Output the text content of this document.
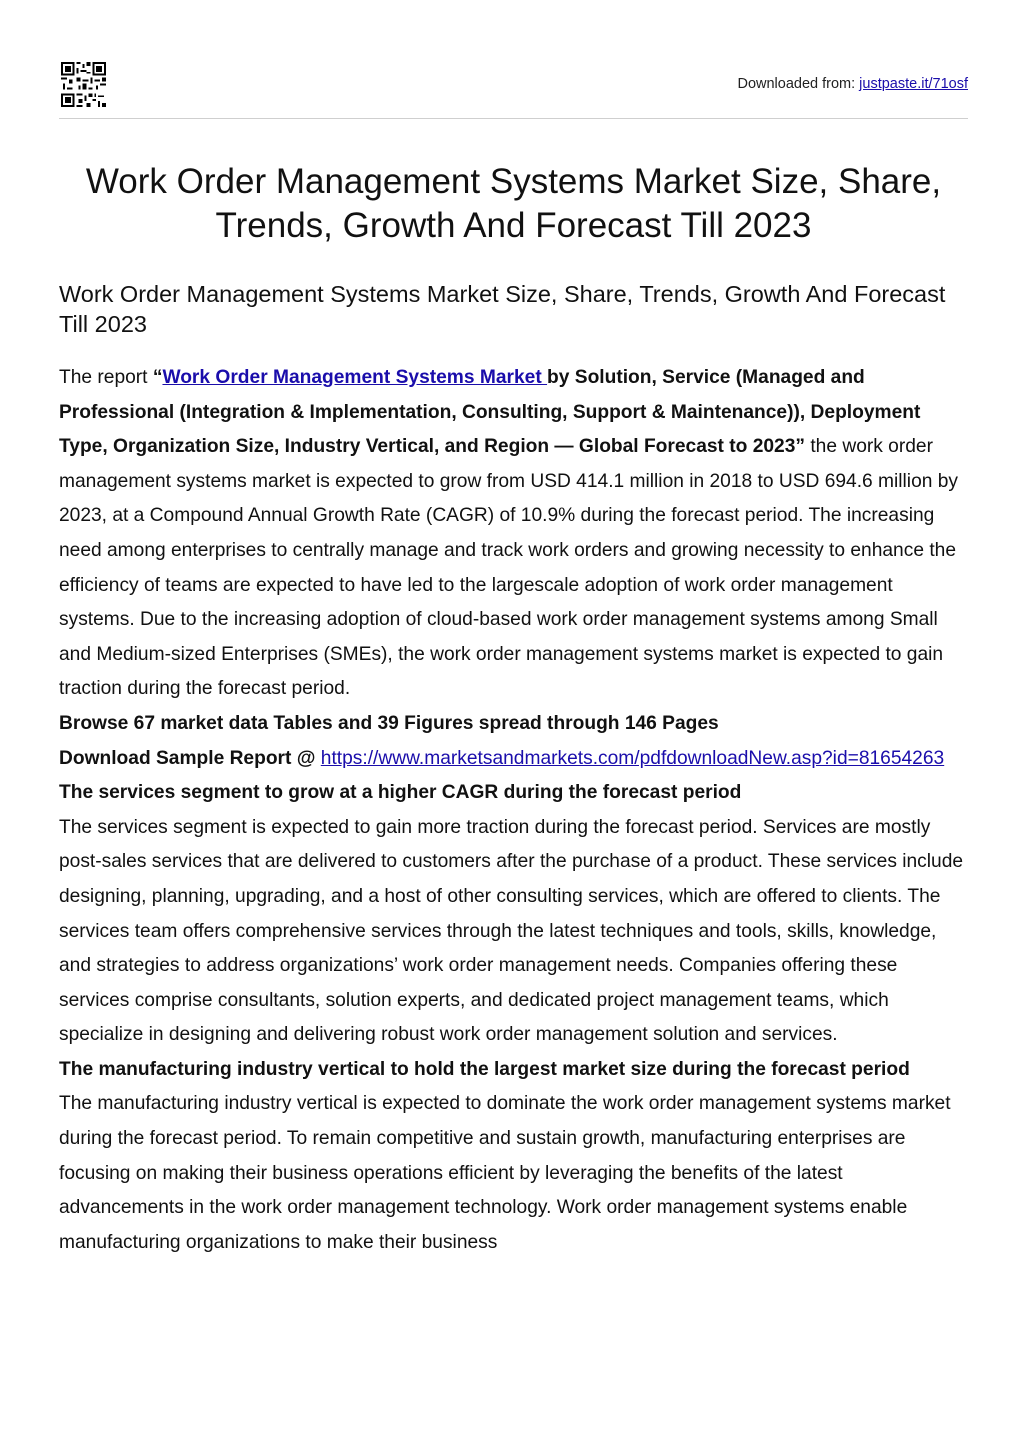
Downloaded from: justpaste.it/71osf
Work Order Management Systems Market Size, Share, Trends, Growth And Forecast Till 2023
Work Order Management Systems Market Size, Share, Trends, Growth And Forecast Till 2023

The report “Work Order Management Systems Market by Solution, Service (Managed and Professional (Integration & Implementation, Consulting, Support & Maintenance)), Deployment Type, Organization Size, Industry Vertical, and Region — Global Forecast to 2023” the work order management systems market is expected to grow from USD 414.1 million in 2018 to USD 694.6 million by 2023, at a Compound Annual Growth Rate (CAGR) of 10.9% during the forecast period. The increasing need among enterprises to centrally manage and track work orders and growing necessity to enhance the efficiency of teams are expected to have led to the largescale adoption of work order management systems. Due to the increasing adoption of cloud-based work order management systems among Small and Medium-sized Enterprises (SMEs), the work order management systems market is expected to gain traction during the forecast period.

Browse 67 market data Tables and 39 Figures spread through 146 Pages

Download Sample Report @ https://www.marketsandmarkets.com/pdfdownloadNew.asp?id=81654263

The services segment to grow at a higher CAGR during the forecast period

The services segment is expected to gain more traction during the forecast period. Services are mostly post-sales services that are delivered to customers after the purchase of a product. These services include designing, planning, upgrading, and a host of other consulting services, which are offered to clients. The services team offers comprehensive services through the latest techniques and tools, skills, knowledge, and strategies to address organizations’ work order management needs. Companies offering these services comprise consultants, solution experts, and dedicated project management teams, which specialize in designing and delivering robust work order management solution and services.

The manufacturing industry vertical to hold the largest market size during the forecast period

The manufacturing industry vertical is expected to dominate the work order management systems market during the forecast period. To remain competitive and sustain growth, manufacturing enterprises are focusing on making their business operations efficient by leveraging the benefits of the latest advancements in the work order management technology. Work order management systems enable manufacturing organizations to make their business
